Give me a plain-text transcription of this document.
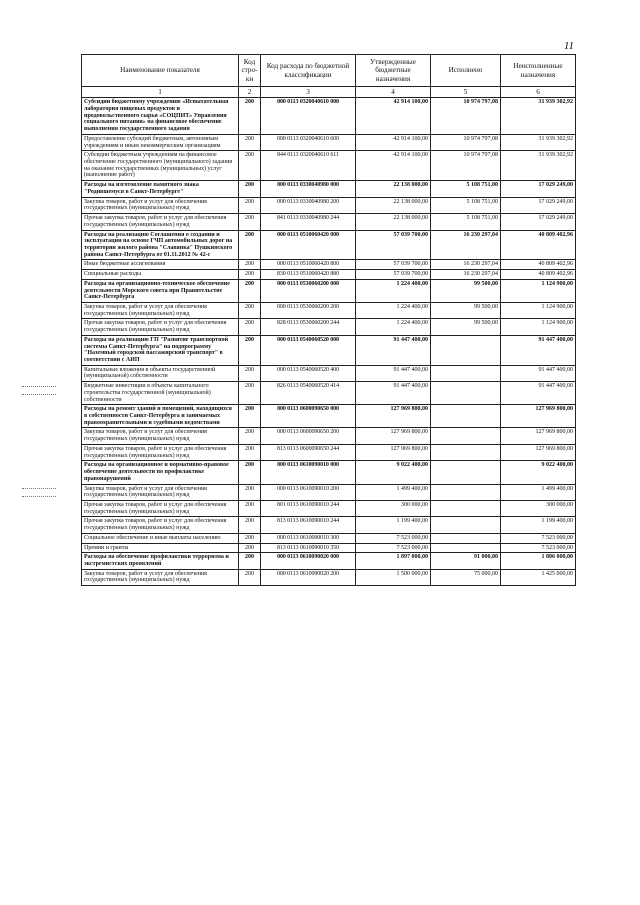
11
Наименование показателя	Код стро-ки	Код расхода по бюджетной классификации	Утвержденные бюджетные назначения	Исполнено	Неисполненные назначения
1	2	3	4	5	6
Субсидии бюджетному учреждению «Испытательная лаборатория пищевых продуктов и продовольственного сырья «СОЦПИТ» Управления социального питания» на финансовое обеспечение выполнения государственного задания	200	000 0113 0320040610 000	42 914 100,00	10 974 797,08	31 939 302,92
Предоставление субсидий бюджетным, автономным учреждениям и иным некоммерческим организациям	200	000 0113 0320040610 600	42 914 100,00	10 974 797,08	31 939 302,92
Субсидии бюджетным учреждениям на финансовое обеспечение государственного (муниципального) задания на оказание государственных (муниципальных) услуг (выполнение работ)	200	844 0113 0320040610 611	42 914 100,00	10 974 797,08	31 939 302,92
Расходы на изготовление памятного знака "Родившемуся в Санкт-Петербурге"	200	000 0113 0330040980 000	22 138 000,00	5 108 751,00	17 029 249,00
Закупка товаров, работ и услуг для обеспечения государственных (муниципальных) нужд	200	000 0113 0330040980 200	22 138 000,00	5 108 751,00	17 029 249,00
Прочая закупка товаров, работ и услуг для обеспечения государственных (муниципальных) нужд	200	841 0113 0330040980 244	22 138 000,00	5 108 751,00	17 029 249,00
Расходы на реализацию Соглашения о создании и эксплуатации на основе ГЧП автомобильных дорог на территории жилого района "Славянка" Пушкинского района Санкт-Петербурга от 01.11.2012 № 42-с	200	000 0113 0510060420 000	57 039 700,00	16 230 297,04	40 809 402,96
Иные бюджетные ассигнования	200	000 0113 0510060420 800	57 039 700,00	16 230 297,04	40 809 402,96
Специальные расходы	200	830 0113 0510060420 880	57 039 700,00	16 230 297,04	40 809 402,96
Расходы на организационно-техническое обеспечение деятельности Морского совета при Правительстве Санкт-Петербурга	200	000 0113 0530060200 000	1 224 400,00	99 500,00	1 124 900,00
Закупка товаров, работ и услуг для обеспечения государственных (муниципальных) нужд	200	000 0113 0530060200 200	1 224 400,00	99 500,00	1 124 900,00
Прочая закупка товаров, работ и услуг для обеспечения государственных (муниципальных) нужд	200	828 0113 0530060200 244	1 224 400,00	99 500,00	1 124 900,00
Расходы на реализацию ГП "Развитие транспортной системы Санкт-Петербурга" на подпрограмму "Наземный городской пассажирский транспорт" в соответствии с АИП	200	000 0113 0540060520 000	91 447 400,00		91 447 400,00
Капитальные вложения в объекты государственной (муниципальной) собственности	200	000 0113 0540060520 400	91 447 400,00		91 447 400,00
Бюджетные инвестиции в объекты капитального строительства государственной (муниципальной) собственности	200	826 0113 0540060520 414	91 447 400,00		91 447 400,00
Расходы на ремонт зданий и помещений, находящихся в собственности Санкт-Петербурга и занимаемых правоохранительными и судебными ведомствами	200	000 0113 0600090650 000	127 969 800,00		127 969 800,00
Закупка товаров, работ и услуг для обеспечения государственных (муниципальных) нужд	200	000 0113 0600090650 200	127 969 800,00		127 969 800,00
Прочая закупка товаров, работ и услуг для обеспечения государственных (муниципальных) нужд	200	813 0113 0600090650 244	127 969 800,00		127 969 800,00
Расходы на организационное и нормативно-правовое обеспечение деятельности по профилактике правонарушений	200	000 0113 0610090010 000	9 022 400,00		9 022 400,00
Закупка товаров, работ и услуг для обеспечения государственных (муниципальных) нужд	200	000 0113 0610090010 200	1 499 400,00		1 499 400,00
Прочая закупка товаров, работ и услуг для обеспечения государственных (муниципальных) нужд	200	801 0113 0610090010 244	300 000,00		300 000,00
Прочая закупка товаров, работ и услуг для обеспечения государственных (муниципальных) нужд	200	813 0113 0610090010 244	1 199 400,00		1 199 400,00
Социальное обеспечение и иные выплаты населению	200	000 0113 0610090010 300	7 523 000,00		7 523 000,00
Премии и гранты	200	813 0113 0610090010 350	7 523 000,00		7 523 000,00
Расходы на обеспечение профилактики терроризма и экстремистских проявлений	200	000 0113 0610090020 000	1 897 000,00	91 000,00	1 806 000,00
Закупка товаров, работ и услуг для обеспечения государственных (муниципальных) нужд	200	000 0113 0610090020 200	1 500 000,00	75 000,00	1 425 000,00
